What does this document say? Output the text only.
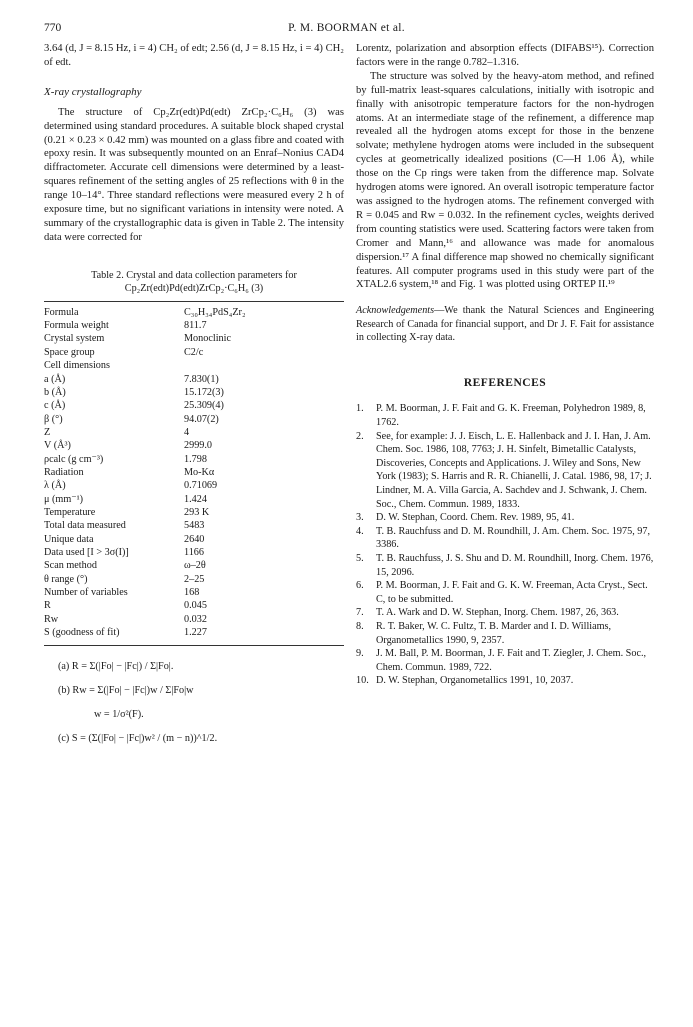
770	P. M. BOORMAN et al.

3.64 (d, J = 8.15 Hz, i = 4) CH₂ of edt; 2.56 (d, J = 8.15 Hz, i = 4) CH₂ of edt.

X-ray crystallography

The structure of Cp₂Zr(edt)Pd(edt) ZrCp₂·C₆H₆ (3) was determined using standard procedures. A suitable block shaped crystal (0.21 × 0.23 × 0.42 mm) was mounted on a glass fibre and coated with epoxy resin. It was subsequently mounted on an Enraf–Nonius CAD4 diffractometer. Accurate cell dimensions were determined by a least-squares refinement of the setting angles of 25 reflections with θ in the range 10–14°. Three standard reflections were measured every 2 h of exposure time, but no significant variations in intensity were noted. A summary of the crystallographic data is given in Table 2. The intensity data were corrected for

Table 2. Crystal and data collection parameters for
Cp₂Zr(edt)Pd(edt)ZrCp₂·C₆H₆ (3)
Formula	C₃₀H₃₄PdS₄Zr₂
Formula weight	811.7
Crystal system	Monoclinic
Space group	C2/c
Cell dimensions	
a (Å)	7.830(1)
b (Å)	15.172(3)
c (Å)	25.309(4)
β (°)	94.07(2)
Z	4
V (Å³)	2999.0
ρcalc (g cm⁻³)	1.798
Radiation	Mo-Kα
λ (Å)	0.71069
μ (mm⁻¹)	1.424
Temperature	293 K
Total data measured	5483
Unique data	2640
Data used [I > 3σ(I)]	1166
Scan method	ω–2θ
θ range (°)	2–25
Number of variables	168
R	0.045
Rw	0.032
S (goodness of fit)	1.227
(a) R = Σ(|Fo| − |Fc|) / Σ|Fo|.
(b) Rw = Σ(|Fo| − |Fc|)w / Σ|Fo|w
w = 1/σ²(F).
(c) S = (Σ(|Fo| − |Fc|)w² / (m − n))^1/2.

Lorentz, polarization and absorption effects (DIFABS¹⁵). Correction factors were in the range 0.782–1.316.

The structure was solved by the heavy-atom method, and refined by full-matrix least-squares calculations, initially with isotropic and finally with anisotropic temperature factors for the non-hydrogen atoms. At an intermediate stage of the refinement, a difference map revealed all the hydrogen atoms except for those in the benzene solvate; methylene hydrogen atoms were included in the subsequent cycles at geometrically idealized positions (C—H 1.06 Å), while those on the Cp rings were taken from the difference map. Solvate hydrogen atoms were ignored. An overall isotropic temperature factor was assigned to the hydrogen atoms. The refinement converged with R = 0.045 and Rw = 0.032. In the refinement cycles, weights derived from counting statistics were used. Scattering factors were taken from Cromer and Mann,¹⁶ and allowance was made for anomalous dispersion.¹⁷ A final difference map showed no chemically significant features. All computer programs used in this study were part of the XTAL2.6 system,¹⁸ and Fig. 1 was plotted using ORTEP II.¹⁹

Acknowledgements—We thank the Natural Sciences and Engineering Research of Canada for financial support, and Dr J. F. Fait for assistance in collecting X-ray data.
REFERENCES
1. P. M. Boorman, J. F. Fait and G. K. Freeman, Polyhedron 1989, 8, 1762.
2. See, for example: J. J. Eisch, L. E. Hallenback and J. I. Han, J. Am. Chem. Soc. 1986, 108, 7763; J. H. Sinfelt, Bimetallic Catalysts, Discoveries, Concepts and Applications. J. Wiley and Sons, New York (1983); S. Harris and R. R. Chianelli, J. Catal. 1986, 98, 17; J. Lindner, M. A. Villa Garcia, A. Sachdev and J. Schwank, J. Chem. Soc., Chem. Commun. 1989, 1833.
3. D. W. Stephan, Coord. Chem. Rev. 1989, 95, 41.
4. T. B. Rauchfuss and D. M. Roundhill, J. Am. Chem. Soc. 1975, 97, 3386.
5. T. B. Rauchfuss, J. S. Shu and D. M. Roundhill, Inorg. Chem. 1976, 15, 2096.
6. P. M. Boorman, J. F. Fait and G. K. W. Freeman, Acta Cryst., Sect. C, to be submitted.
7. T. A. Wark and D. W. Stephan, Inorg. Chem. 1987, 26, 363.
8. R. T. Baker, W. C. Fultz, T. B. Marder and I. D. Williams, Organometallics 1990, 9, 2357.
9. J. M. Ball, P. M. Boorman, J. F. Fait and T. Ziegler, J. Chem. Soc., Chem. Commun. 1989, 722.
10. D. W. Stephan, Organometallics 1991, 10, 2037.
